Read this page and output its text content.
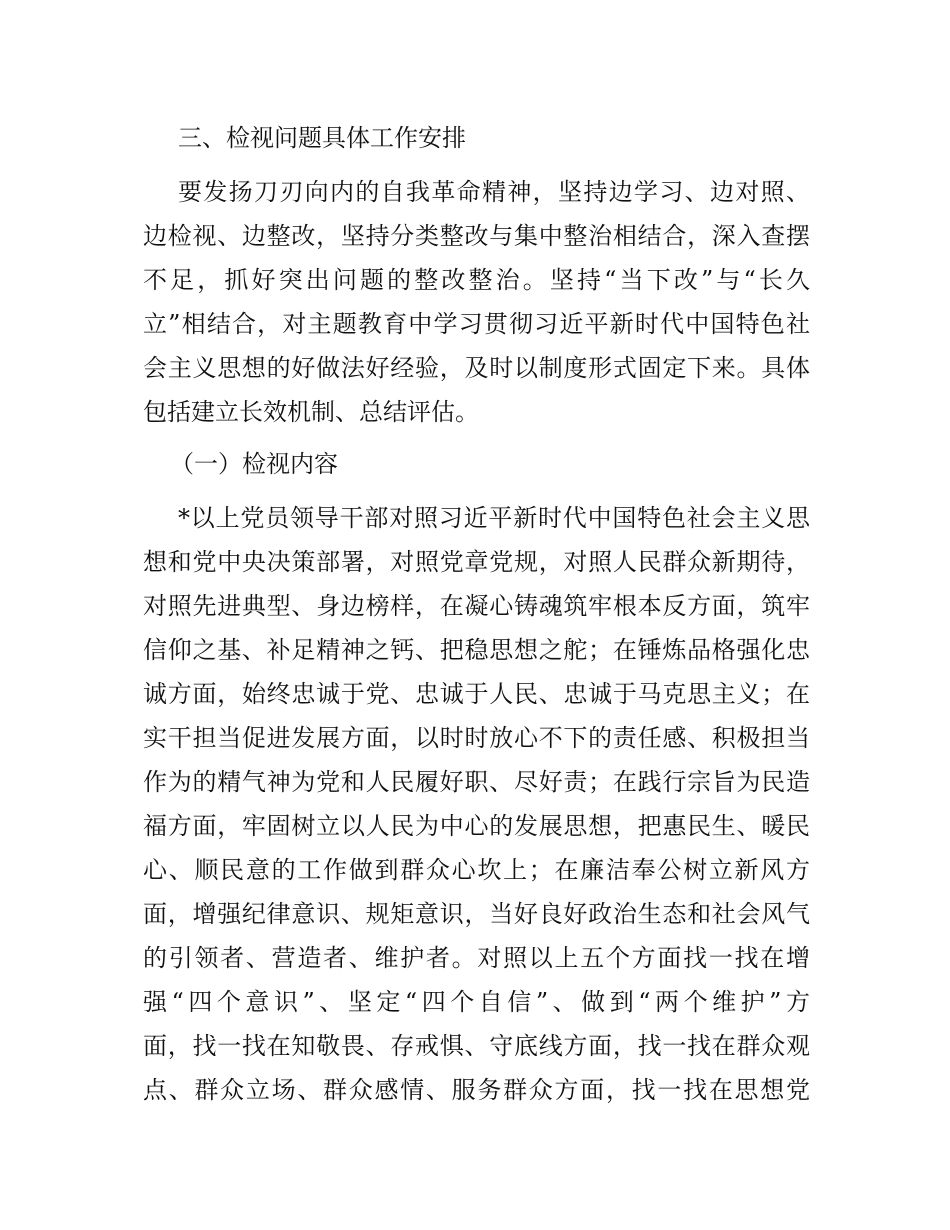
三、检视问题具体工作安排
要发扬刀刃向内的自我革命精神，坚持边学习、边对照、
边检视、边整改，坚持分类整改与集中整治相结合，深入查摆
不足，抓好突出问题的整改整治。坚持“当下改”与“长久
立”相结合，对主题教育中学习贯彻习近平新时代中国特色社
会主义思想的好做法好经验，及时以制度形式固定下来。具体
包括建立长效机制、总结评估。
（一）检视内容
*以上党员领导干部对照习近平新时代中国特色社会主义思
想和党中央决策部署，对照党章党规，对照人民群众新期待，
对照先进典型、身边榜样，在凝心铸魂筑牢根本反方面，筑牢
信仰之基、补足精神之钙、把稳思想之舵；在锤炼品格强化忠
诚方面，始终忠诚于党、忠诚于人民、忠诚于马克思主义；在
实干担当促进发展方面，以时时放心不下的责任感、积极担当
作为的精气神为党和人民履好职、尽好责；在践行宗旨为民造
福方面，牢固树立以人民为中心的发展思想，把惠民生、暖民
心、顺民意的工作做到群众心坎上；在廉洁奉公树立新风方
面，增强纪律意识、规矩意识，当好良好政治生态和社会风气
的引领者、营造者、维护者。对照以上五个方面找一找在增
强“四个意识”、坚定“四个自信”、做到“两个维护”方
面，找一找在知敬畏、存戒惧、守底线方面，找一找在群众观
点、群众立场、群众感情、服务群众方面，找一找在思想党
